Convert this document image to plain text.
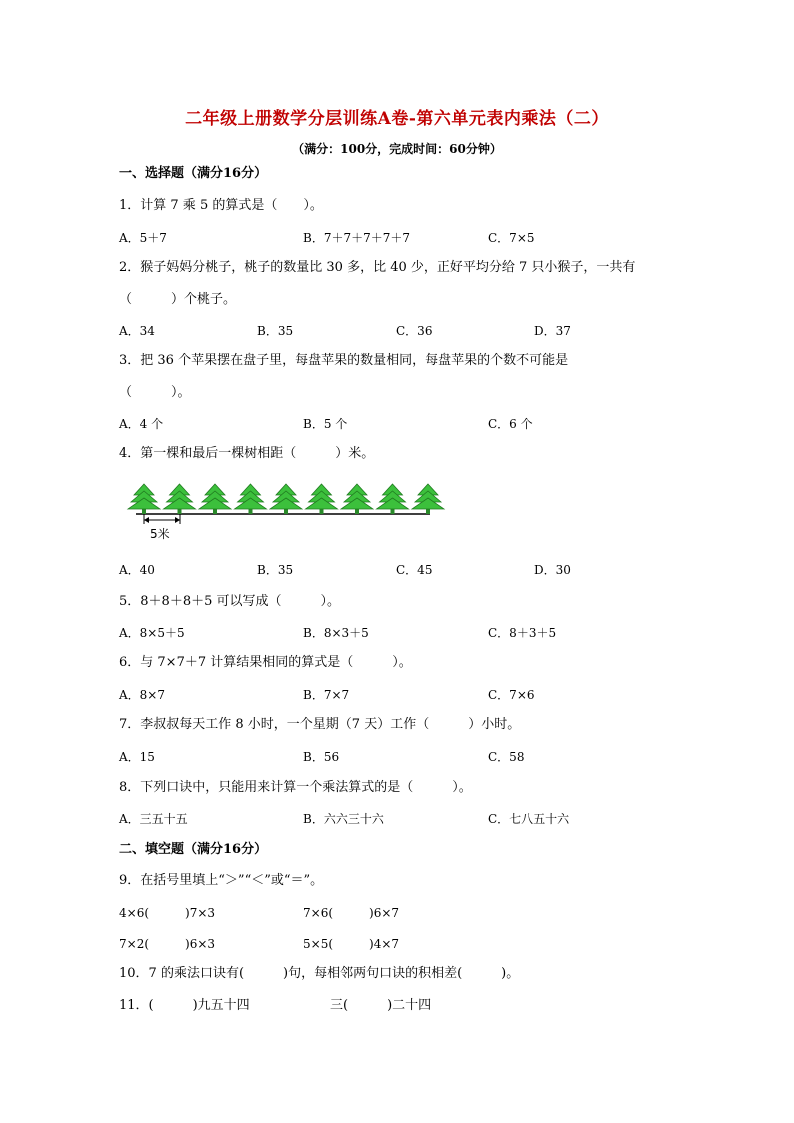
二年级上册数学分层训练A卷-第六单元表内乘法（二）
（满分：100分，完成时间：60分钟）
一、选择题（满分16分）
1．计算 7 乘 5 的算式是（　　）。
A．5＋7	B．7＋7＋7＋7＋7	C．7×5
2．猴子妈妈分桃子，桃子的数量比 30 多，比 40 少，正好平均分给 7 只小猴子，一共有
（　　　）个桃子。
A．34	B．35	C．36	D．37
3．把 36 个苹果摆在盘子里，每盘苹果的数量相同，每盘苹果的个数不可能是
（　　　）。
A．4 个	B．5 个	C．6 个
4．第一棵和最后一棵树相距（　　　）米。
5米
A．40	B．35	C．45	D．30
5．8＋8＋8＋5 可以写成（　　　）。
A．8×5＋5	B．8×3＋5	C．8＋3＋5
6．与 7×7＋7 计算结果相同的算式是（　　　）。
A．8×7	B．7×7	C．7×6
7．李叔叔每天工作 8 小时，一个星期（7 天）工作（　　　）小时。
A．15	B．56	C．58
8．下列口诀中，只能用来计算一个乘法算式的是（　　　）。
A．三五十五	B．六六三十六	C．七八五十六
二、填空题（满分16分）
9．在括号里填上“＞”“＜”或“＝”。
4×6(　　　)7×3	7×6(　　　)6×7
7×2(　　　)6×3	5×5(　　　)4×7
10．7 的乘法口诀有(　　　)句，每相邻两句口诀的积相差(　　　)。
11．(　　　)九五十四	三(　　　)二十四
